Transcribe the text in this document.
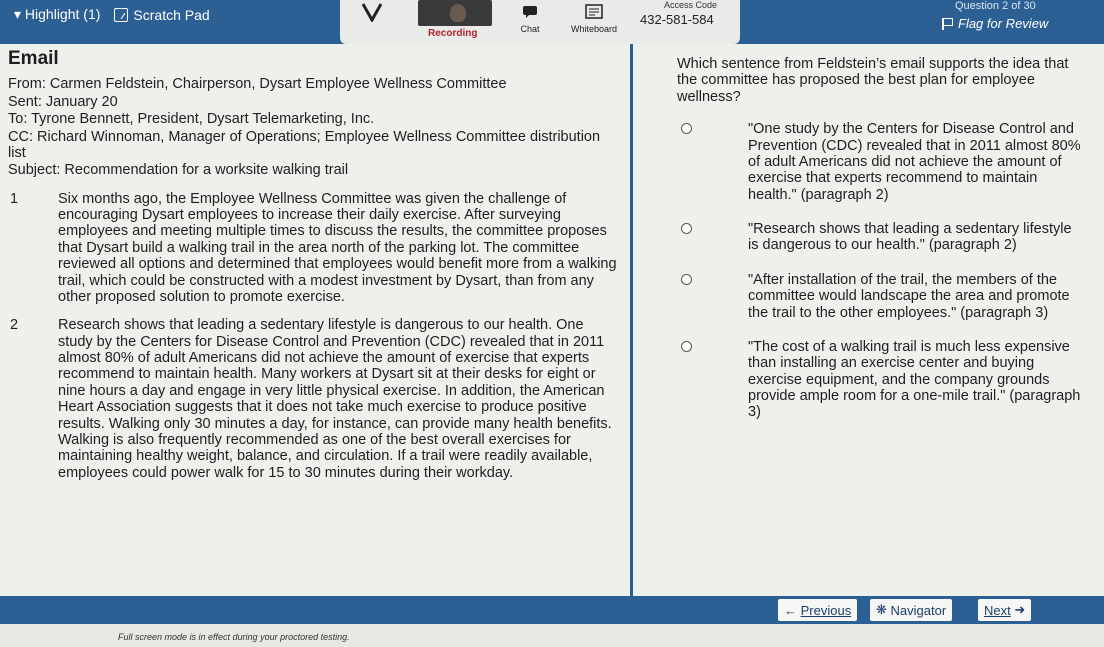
▾ Highlight (1) Scratch Pad
Recording	Chat	Whiteboard
Access Code
432-581-584
Question 2 of 30
Flag for Review
Email
From: Carmen Feldstein, Chairperson, Dysart Employee Wellness Committee
Sent: January 20
To: Tyrone Bennett, President, Dysart Telemarketing, Inc.
CC: Richard Winnoman, Manager of Operations; Employee Wellness Committee distribution list
Subject: Recommendation for a worksite walking trail
1	Six months ago, the Employee Wellness Committee was given the challenge of encouraging Dysart employees to increase their daily exercise. After surveying employees and meeting multiple times to discuss the results, the committee proposes that Dysart build a walking trail in the area north of the parking lot. The committee reviewed all options and determined that employees would benefit more from a walking trail, which could be constructed with a modest investment by Dysart, than from any other proposed solution to promote exercise.
2	Research shows that leading a sedentary lifestyle is dangerous to our health. One study by the Centers for Disease Control and Prevention (CDC) revealed that in 2011 almost 80% of adult Americans did not achieve the amount of exercise that experts recommend to maintain health. Many workers at Dysart sit at their desks for eight or nine hours a day and engage in very little physical exercise. In addition, the American Heart Association suggests that it does not take much exercise to produce positive results. Walking only 30 minutes a day, for instance, can provide many health benefits. Walking is also frequently recommended as one of the best overall exercises for maintaining healthy weight, balance, and circulation. If a trail were readily available, employees could power walk for 15 to 30 minutes during their workday.
Which sentence from Feldstein’s email supports the idea that the committee has proposed the best plan for employee wellness?
"One study by the Centers for Disease Control and Prevention (CDC) revealed that in 2011 almost 80% of adult Americans did not achieve the amount of exercise that experts recommend to maintain health." (paragraph 2)
"Research shows that leading a sedentary lifestyle is dangerous to our health." (paragraph 2)
"After installation of the trail, the members of the committee would landscape the area and promote the trail to the other employees." (paragraph 3)
"The cost of a walking trail is much less expensive than installing an exercise center and buying exercise equipment, and the company grounds provide ample room for a one-mile trail." (paragraph 3)
← Previous ❋ Navigator	Next ➜
Full screen mode is in effect during your proctored testing.
